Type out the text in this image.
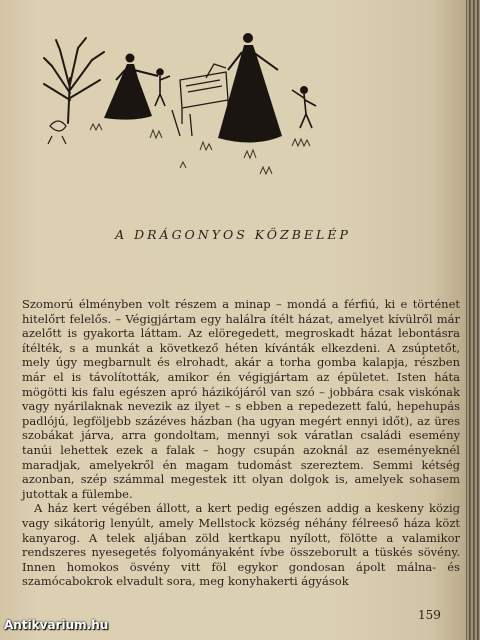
A DRÁGONYOS KÖZBELÉP

Szomorú élményben volt részem a minap – mondá a férfiú, ki e történet hitelőrt felelős. – Végigjártam egy halálra ítélt házat, amelyet kívülről már azelőtt is gyakorta láttam. Az elöregedett, megroskadt házat lebontásra ítélték, s a munkát a következő héten kívánták elkezdeni. A zsúptetőt, mely úgy megbarnult és elrohadt, akár a torha gomba kalapja, részben már el is távolították, amikor én végigjártam az épületet. Isten háta mögötti kis falu egészen apró házikójáról van szó – jobbára csak viskónak vagy nyárilaknak nevezik az ilyet – s ebben a repedezett falú, hepehupás padlójú, legföljebb százéves házban (ha ugyan megért ennyi időt), az üres szobákat járva, arra gondoltam, mennyi sok váratlan családi esemény tanúi lehettek ezek a falak – hogy csupán azoknál az eseményeknél maradjak, amelyekről én magam tudomást szereztem. Semmi kétség azonban, szép számmal megestek itt olyan dolgok is, amelyek sohasem jutottak a fülembe.

A ház kert végében állott, a kert pedig egészen addig a keskeny közig vagy sikátorig lenyúlt, amely Mellstock község néhány félreeső háza közt kanyarog. A telek aljában zöld kertkapu nyílott, fölötte a valamikor rendszeres nyesegetés folyományaként ívbe összeborult a tüskés sövény. Innen homokos ösvény vitt föl egykor gondosan ápolt málna- és szamócabokrok elvadult sora, meg konyhakerti ágyások

159
Antikvarium.hu
